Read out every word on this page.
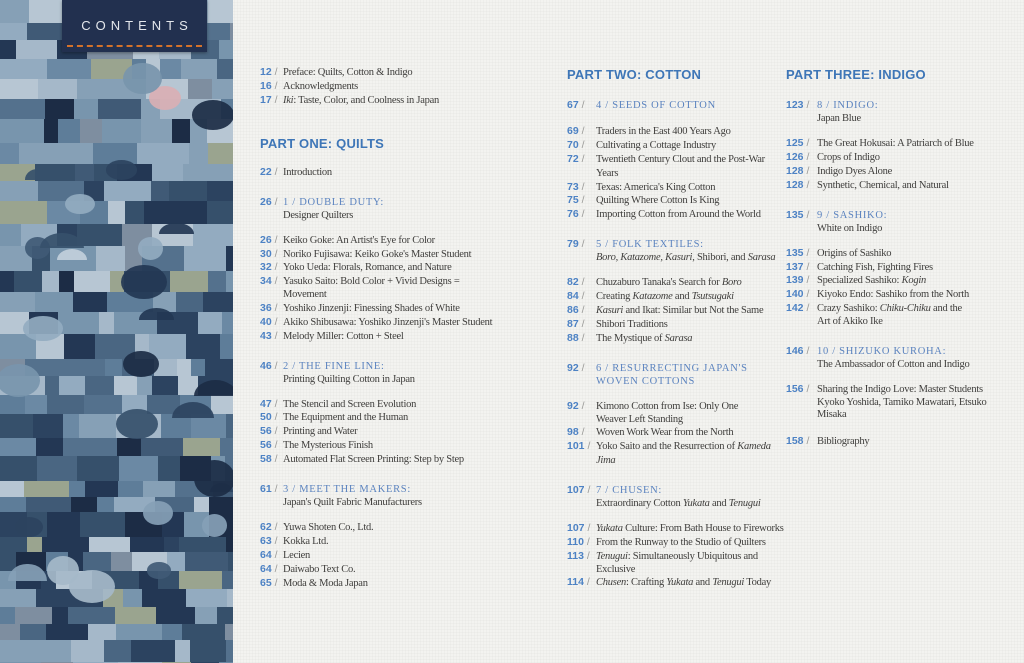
CONTENTS
12 / Preface: Quilts, Cotton & Indigo
16 / Acknowledgments
17 / Iki: Taste, Color, and Coolness in Japan
PART ONE: QUILTS
22 / Introduction
26 / 1 / DOUBLE DUTY:
Designer Quilters
26 / Keiko Goke: An Artist's Eye for Color
30 / Noriko Fujisawa: Keiko Goke's Master Student
32 / Yoko Ueda: Florals, Romance, and Nature
34 / Yasuko Saito: Bold Color + Vivid Designs =
Movement
36 / Yoshiko Jinzenji: Finessing Shades of White
40 / Akiko Shibusawa: Yoshiko Jinzenji's Master Student
43 / Melody Miller: Cotton + Steel
46 / 2 / THE FINE LINE:
Printing Quilting Cotton in Japan
47 / The Stencil and Screen Evolution
50 / The Equipment and the Human
56 / Printing and Water
56 / The Mysterious Finish
58 / Automated Flat Screen Printing: Step by Step
61 / 3 / MEET THE MAKERS:
Japan's Quilt Fabric Manufacturers
62 / Yuwa Shoten Co., Ltd.
63 / Kokka Ltd.
64 / Lecien
64 / Daiwabo Text Co.
65 / Moda & Moda Japan
PART TWO: COTTON
67 /	4 / SEEDS OF COTTON
69 /	Traders in the East 400 Years Ago
70 /	Cultivating a Cottage Industry
72 /	Twentieth Century Clout and the Post-War Years
73 /	Texas: America's King Cotton
75 /	Quilting Where Cotton Is King
76 /	Importing Cotton from Around the World
79 /	5 / FOLK TEXTILES:
Boro, Katazome, Kasuri, Shibori, and Sarasa
82 /	Chuzaburo Tanaka's Search for Boro
84 /	Creating Katazome and Tsutsugaki
86 /	Kasuri and Ikat: Similar but Not the Same
87 /	Shibori Traditions
88 /	The Mystique of Sarasa
92 /	6 / RESURRECTING JAPAN'S
WOVEN COTTONS
92 /	Kimono Cotton from Ise: Only One
Weaver Left Standing
98 /	Woven Work Wear from the North
101 / Yoko Saito and the Resurrection of Kameda Jima
107 / 7 / CHUSEN:
Extraordinary Cotton Yukata and Tenugui
107 / Yukata Culture: From Bath House to Fireworks
110 / From the Runway to the Studio of Quilters
113 / Tenugui: Simultaneously Ubiquitous and
Exclusive
114 / Chusen: Crafting Yukata and Tenugui Today
PART THREE: INDIGO
123 / 8 / INDIGO:
Japan Blue
125 / The Great Hokusai: A Patriarch of Blue
126 / Crops of Indigo
128 / Indigo Dyes Alone
128 / Synthetic, Chemical, and Natural
135 / 9 / SASHIKO:
White on Indigo
135 / Origins of Sashiko
137 / Catching Fish, Fighting Fires
139 / Specialized Sashiko: Kogin
140 / Kiyoko Endo: Sashiko from the North
142 / Crazy Sashiko: Chiku-Chiku and the
Art of Akiko Ike
146 / 10 / SHIZUKO KUROHA:
The Ambassador of Cotton and Indigo
156 / Sharing the Indigo Love: Master Students
Kyoko Yoshida, Tamiko Mawatari, Etsuko
Misaka
158 / Bibliography
